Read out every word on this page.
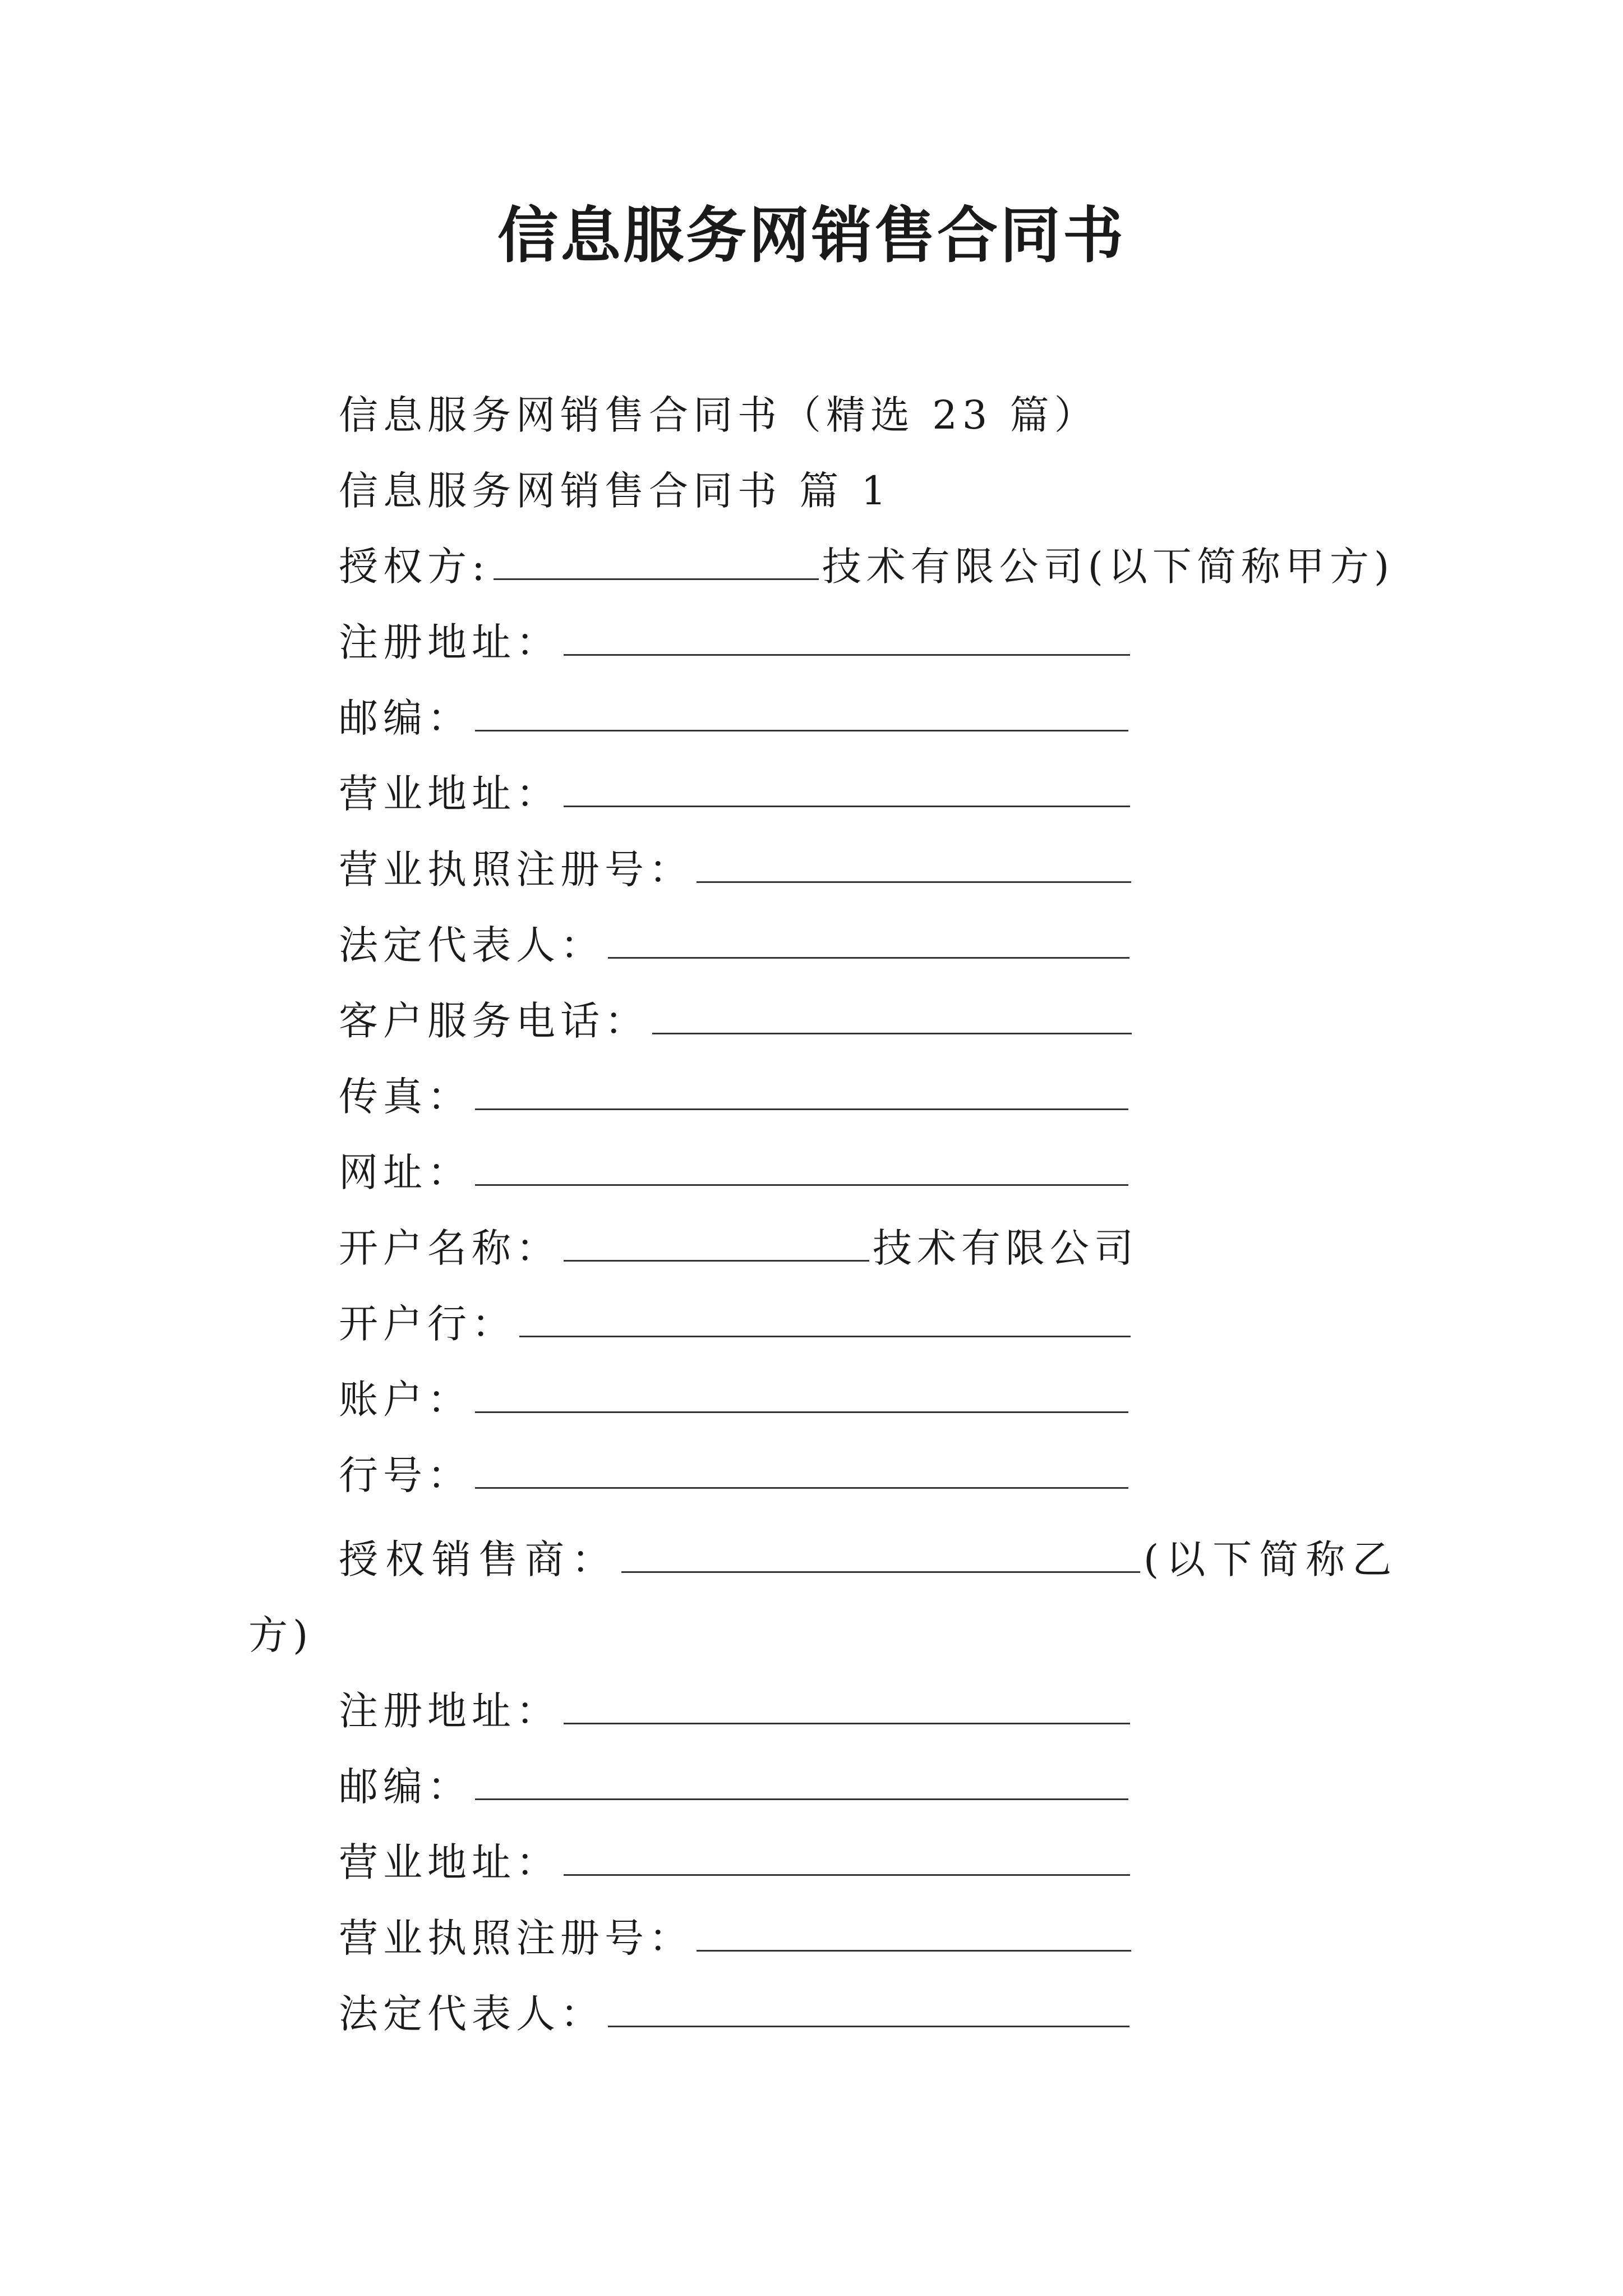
信息服务网销售合同书
信息服务网销售合同书（精选 23 篇）
信息服务网销售合同书 篇 1
授权方:	技术有限公司(以下简称甲方)
注册地址：
邮编：
营业地址：
营业执照注册号：
法定代表人：
客户服务电话：
传真：
网址：
开户名称：	技术有限公司
开户行：
账户：
行号：
授权销售商：	(以下简称乙
方)
注册地址：
邮编：
营业地址：
营业执照注册号：
法定代表人：
